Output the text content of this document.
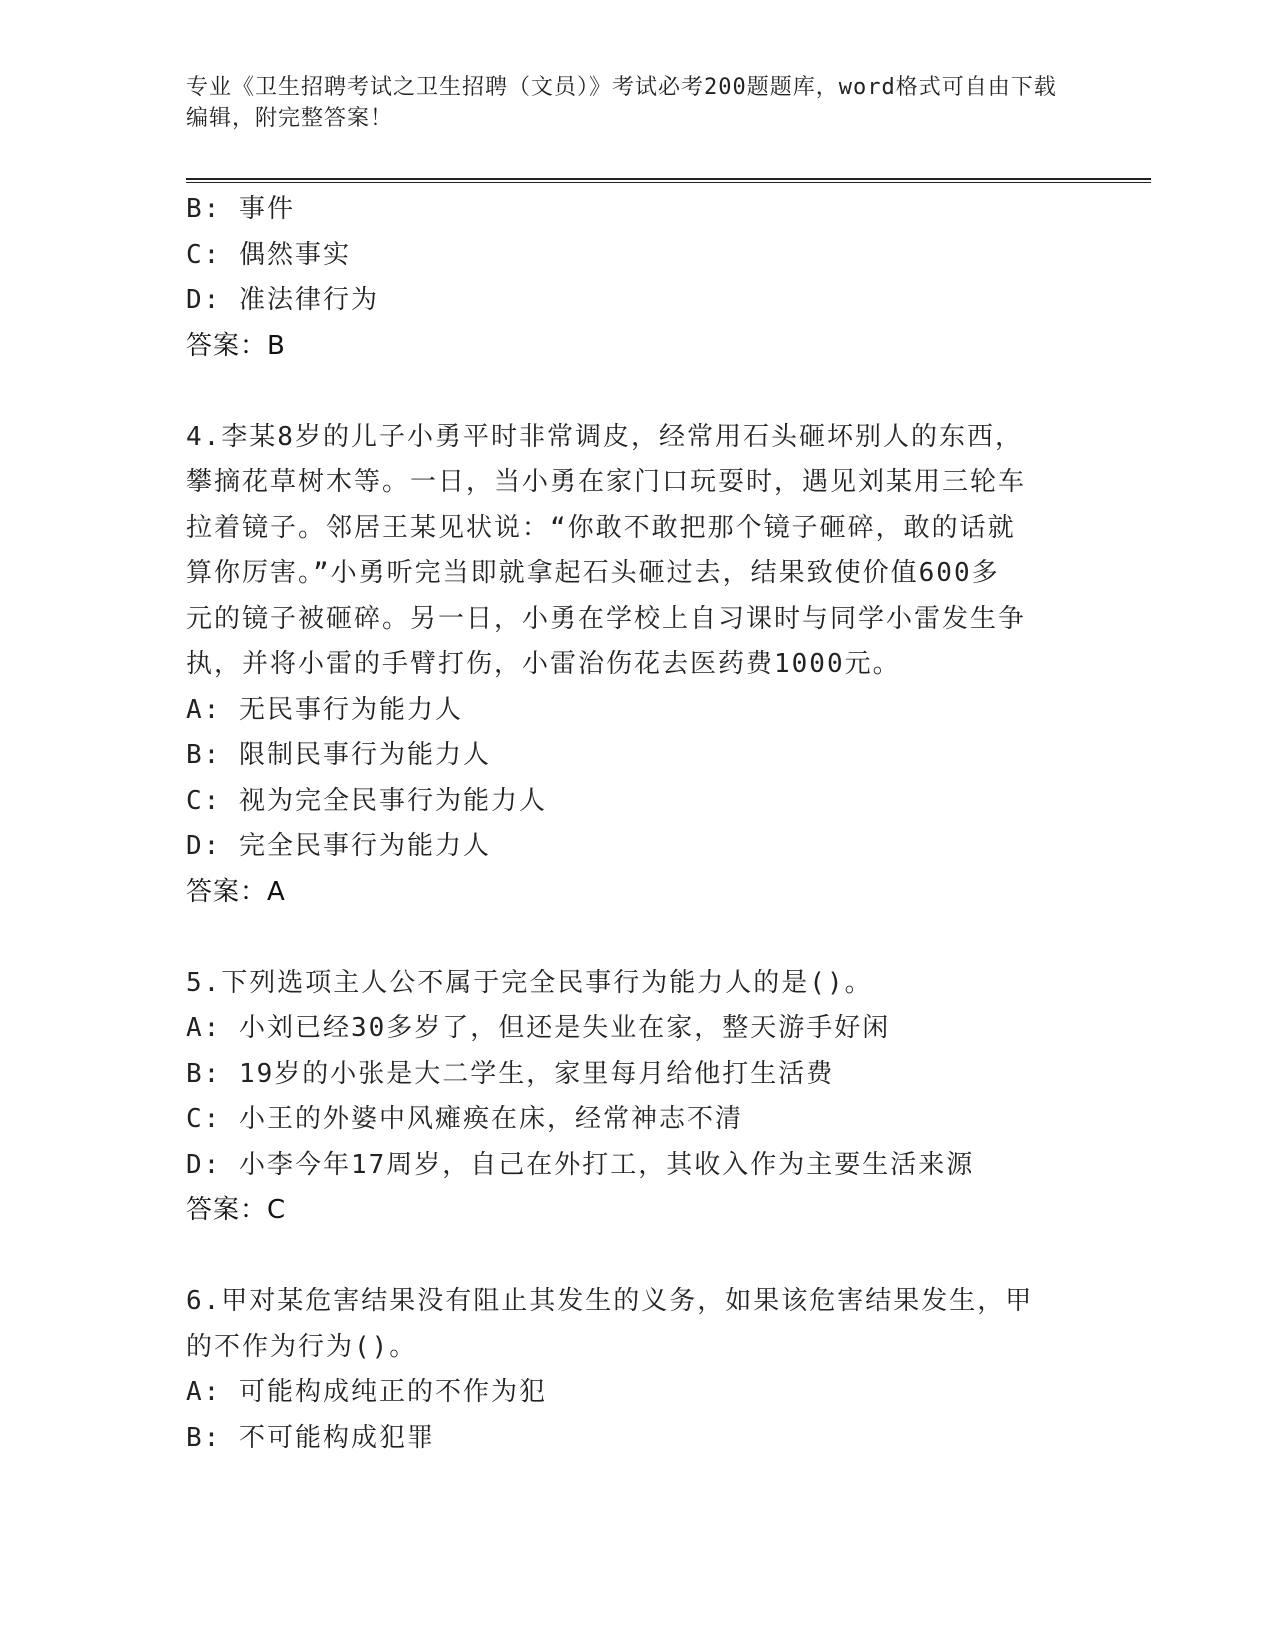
专业《卫生招聘考试之卫生招聘（文员）》考试必考200题题库，word格式可自由下载编辑，附完整答案！

B: 事件

C: 偶然事实

D: 准法律行为

答案：B

4.李某8岁的儿子小勇平时非常调皮，经常用石头砸坏别人的东西，

攀摘花草树木等。一日，当小勇在家门口玩耍时，遇见刘某用三轮车

拉着镜子。邻居王某见状说：“你敢不敢把那个镜子砸碎，敢的话就

算你厉害。”小勇听完当即就拿起石头砸过去，结果致使价值600多

元的镜子被砸碎。另一日，小勇在学校上自习课时与同学小雷发生争

执，并将小雷的手臂打伤，小雷治伤花去医药费1000元。

A: 无民事行为能力人

B: 限制民事行为能力人

C: 视为完全民事行为能力人

D: 完全民事行为能力人

答案：A

5.下列选项主人公不属于完全民事行为能力人的是()。

A: 小刘已经30多岁了，但还是失业在家，整天游手好闲

B: 19岁的小张是大二学生，家里每月给他打生活费

C: 小王的外婆中风瘫痪在床，经常神志不清

D: 小李今年17周岁，自己在外打工，其收入作为主要生活来源

答案：C

6.甲对某危害结果没有阻止其发生的义务，如果该危害结果发生，甲

的不作为行为()。

A: 可能构成纯正的不作为犯

B: 不可能构成犯罪
